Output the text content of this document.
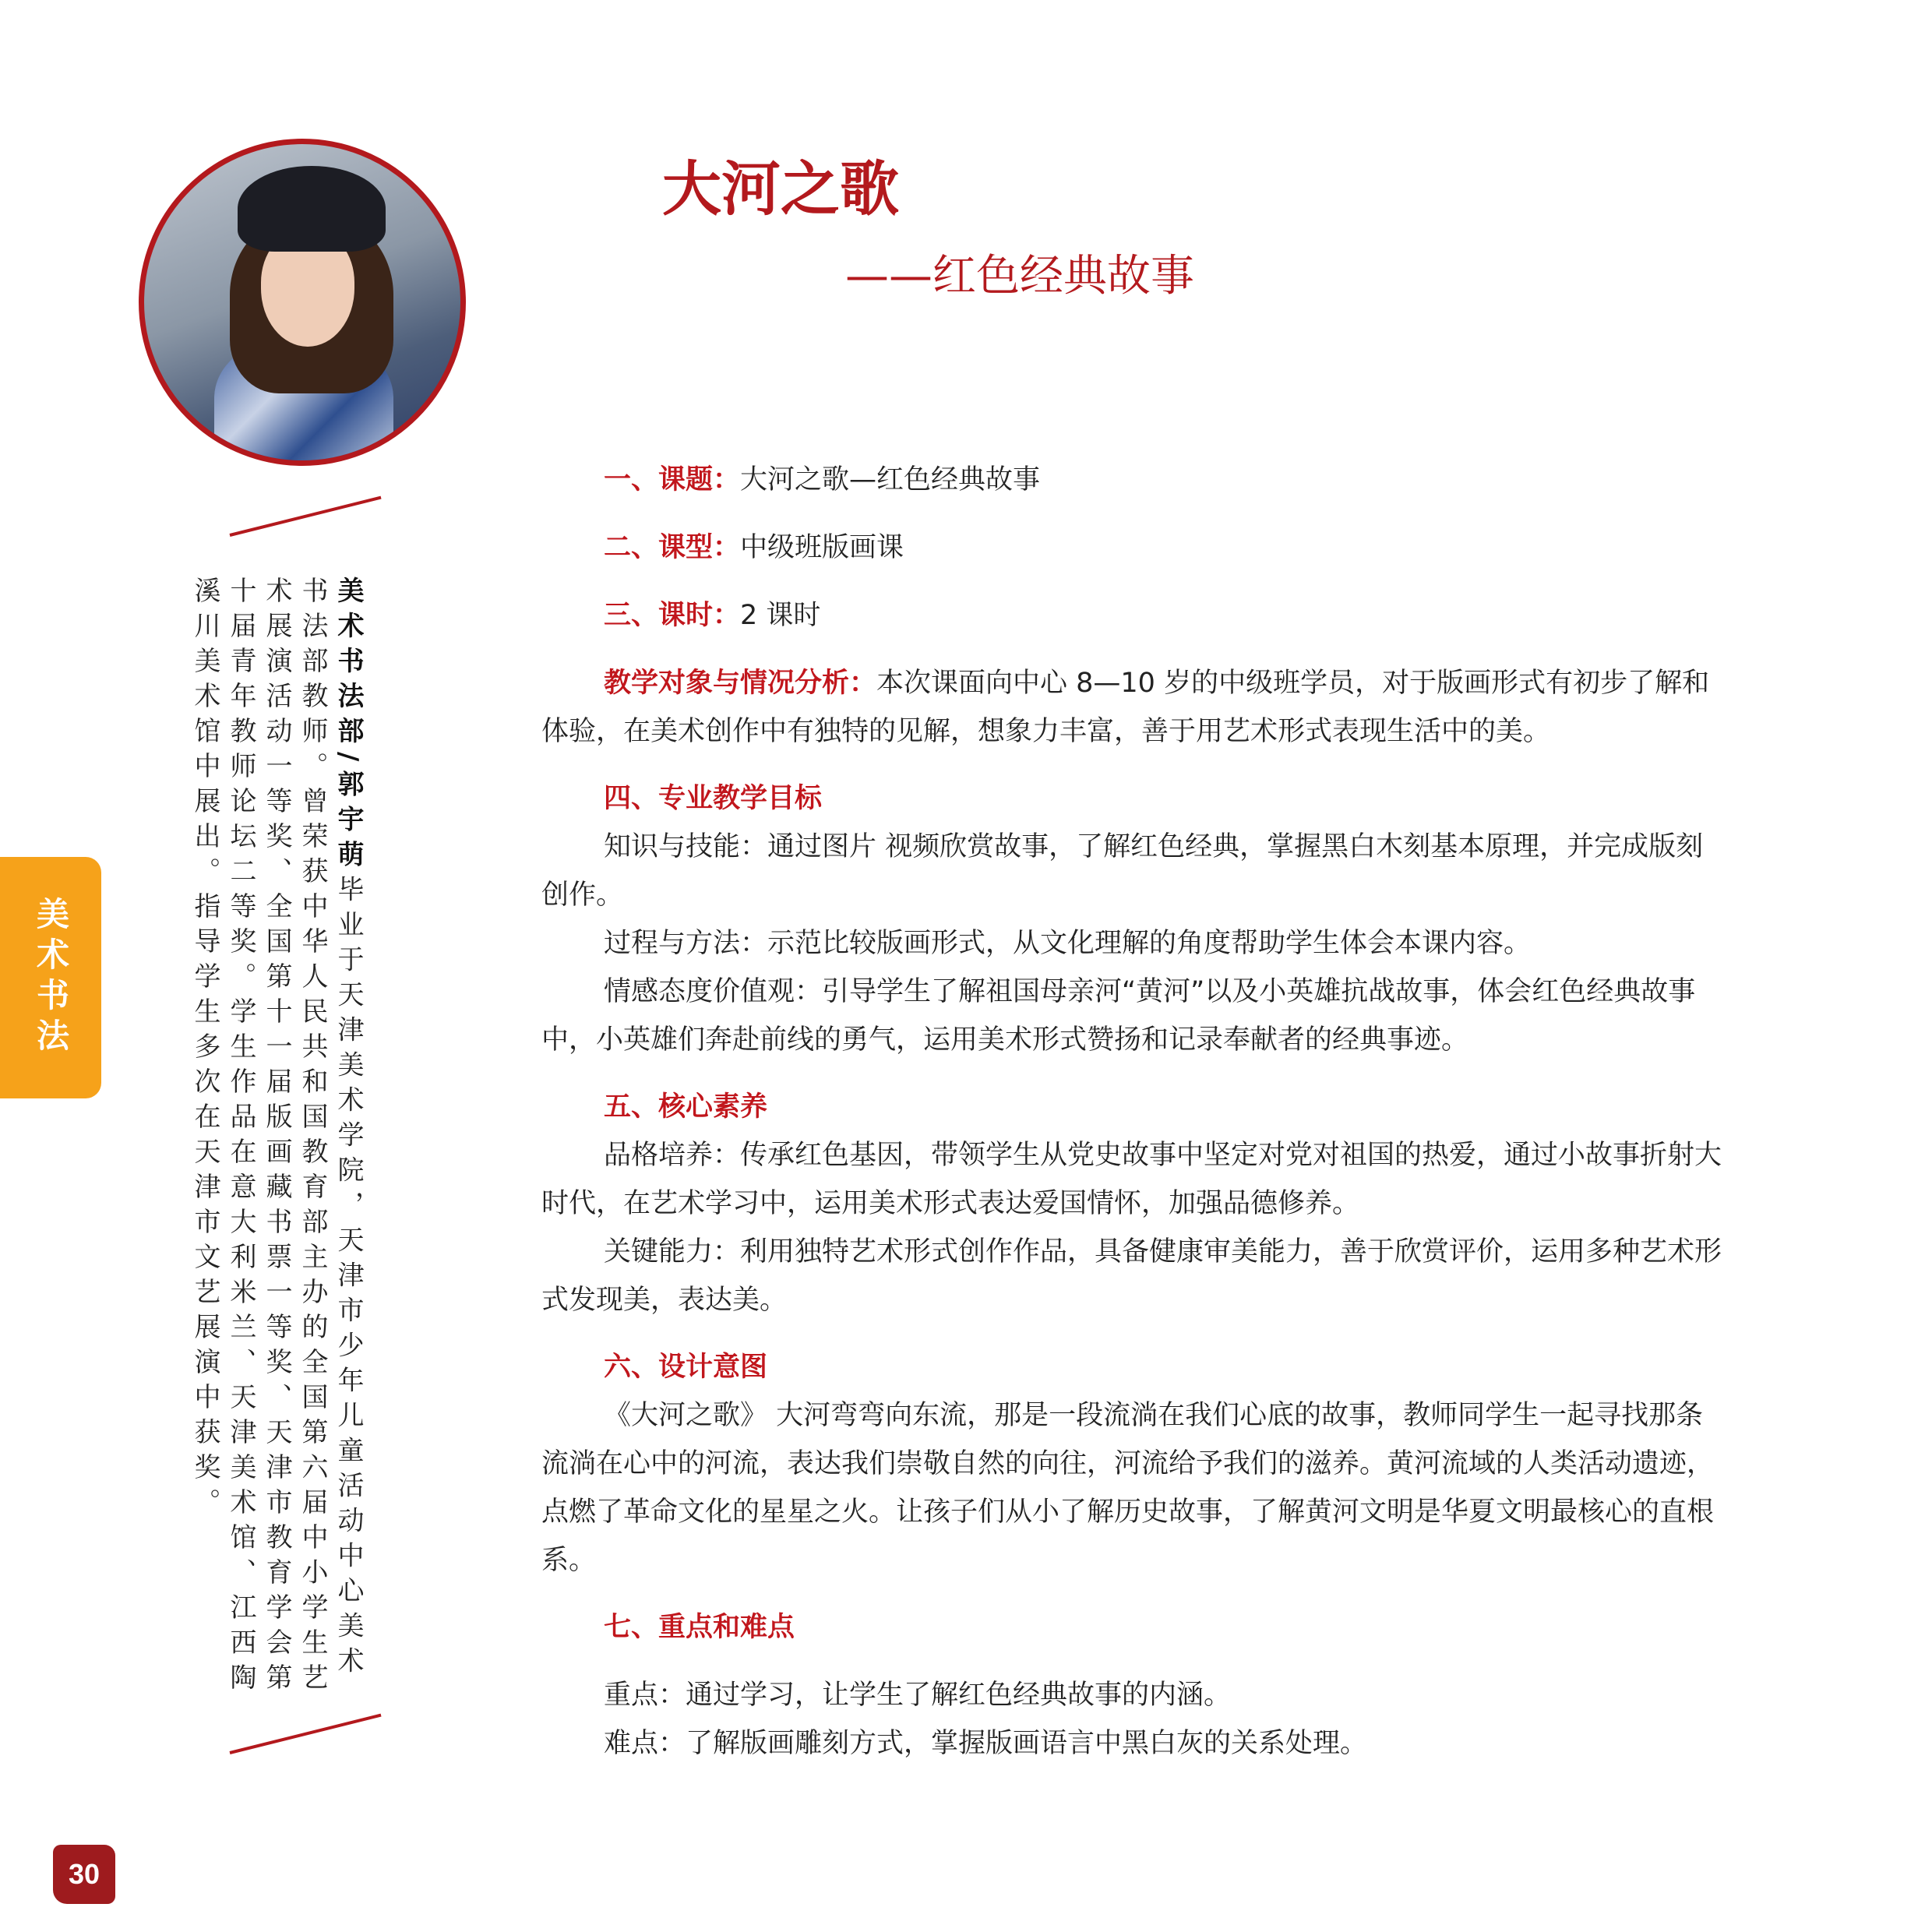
美术书法部/郭宇萌毕业于天津美术学院，天津市少年儿童活动中心美术书法部教师。曾荣获中华人民共和国教育部主办的全国第六届中小学生艺术展演活动一等奖、全国第十一届版画藏书票一等奖、天津市教育学会第十届青年教师论坛二等奖。学生作品在意大利米兰、天津美术馆、江西陶溪川美术馆中展出。指导学生多次在天津市文艺展演中获奖。
美术书法
30
大河之歌
——红色经典故事

一、课题：大河之歌—红色经典故事

二、课型：中级班版画课

三、课时：2 课时

教学对象与情况分析：本次课面向中心 8—10 岁的中级班学员，对于版画形式有初步了解和体验，在美术创作中有独特的见解，想象力丰富，善于用艺术形式表现生活中的美。

四、专业教学目标

知识与技能：通过图片 视频欣赏故事，了解红色经典，掌握黑白木刻基本原理，并完成版刻创作。

过程与方法：示范比较版画形式，从文化理解的角度帮助学生体会本课内容。

情感态度价值观：引导学生了解祖国母亲河“黄河”以及小英雄抗战故事，体会红色经典故事中，小英雄们奔赴前线的勇气，运用美术形式赞扬和记录奉献者的经典事迹。

五、核心素养

品格培养：传承红色基因，带领学生从党史故事中坚定对党对祖国的热爱，通过小故事折射大时代，在艺术学习中，运用美术形式表达爱国情怀，加强品德修养。

关键能力：利用独特艺术形式创作作品，具备健康审美能力，善于欣赏评价，运用多种艺术形式发现美，表达美。

六、设计意图

《大河之歌》 大河弯弯向东流，那是一段流淌在我们心底的故事，教师同学生一起寻找那条流淌在心中的河流，表达我们崇敬自然的向往，河流给予我们的滋养。黄河流域的人类活动遗迹，点燃了革命文化的星星之火。让孩子们从小了解历史故事，了解黄河文明是华夏文明最核心的直根系。

七、重点和难点

重点：通过学习，让学生了解红色经典故事的内涵。

难点：了解版画雕刻方式，掌握版画语言中黑白灰的关系处理。
